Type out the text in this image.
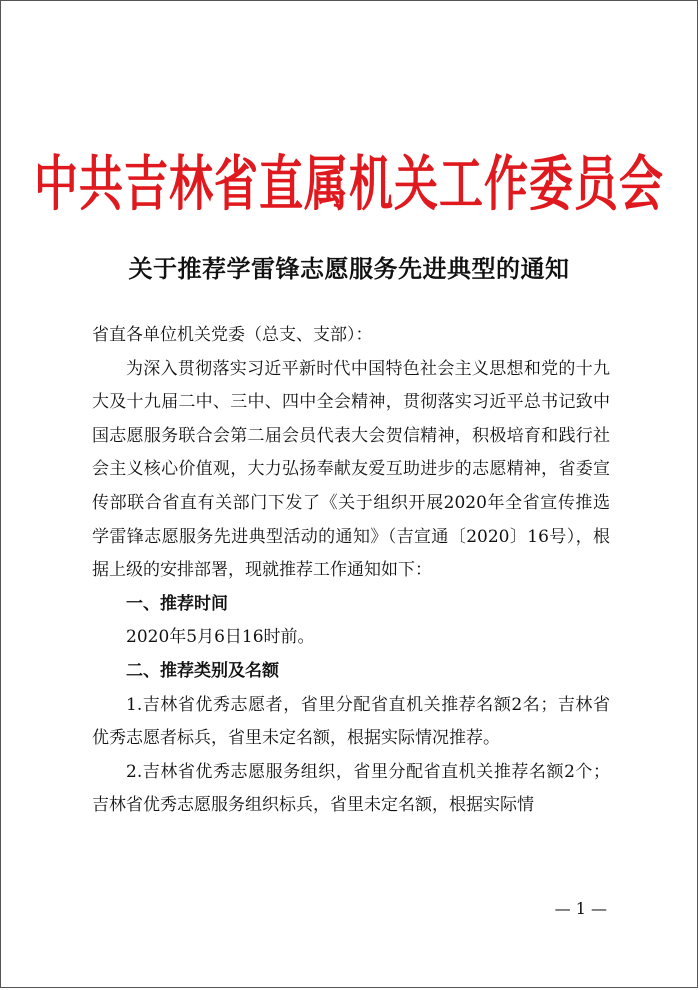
中共吉林省直属机关工作委员会
关于推荐学雷锋志愿服务先进典型的通知

省直各单位机关党委（总支、支部）：

为深入贯彻落实习近平新时代中国特色社会主义思想和党的十九大及十九届二中、三中、四中全会精神，贯彻落实习近平总书记致中国志愿服务联合会第二届会员代表大会贺信精神，积极培育和践行社会主义核心价值观，大力弘扬奉献友爱互助进步的志愿精神，省委宣传部联合省直有关部门下发了《关于组织开展2020年全省宣传推选学雷锋志愿服务先进典型活动的通知》（吉宣通〔2020〕16号），根据上级的安排部署，现就推荐工作通知如下：

一、推荐时间

2020年5月6日16时前。

二、推荐类别及名额

1.吉林省优秀志愿者，省里分配省直机关推荐名额2名；吉林省优秀志愿者标兵，省里未定名额，根据实际情况推荐。

2.吉林省优秀志愿服务组织，省里分配省直机关推荐名额2个；吉林省优秀志愿服务组织标兵，省里未定名额，根据实际情

— 1 —
